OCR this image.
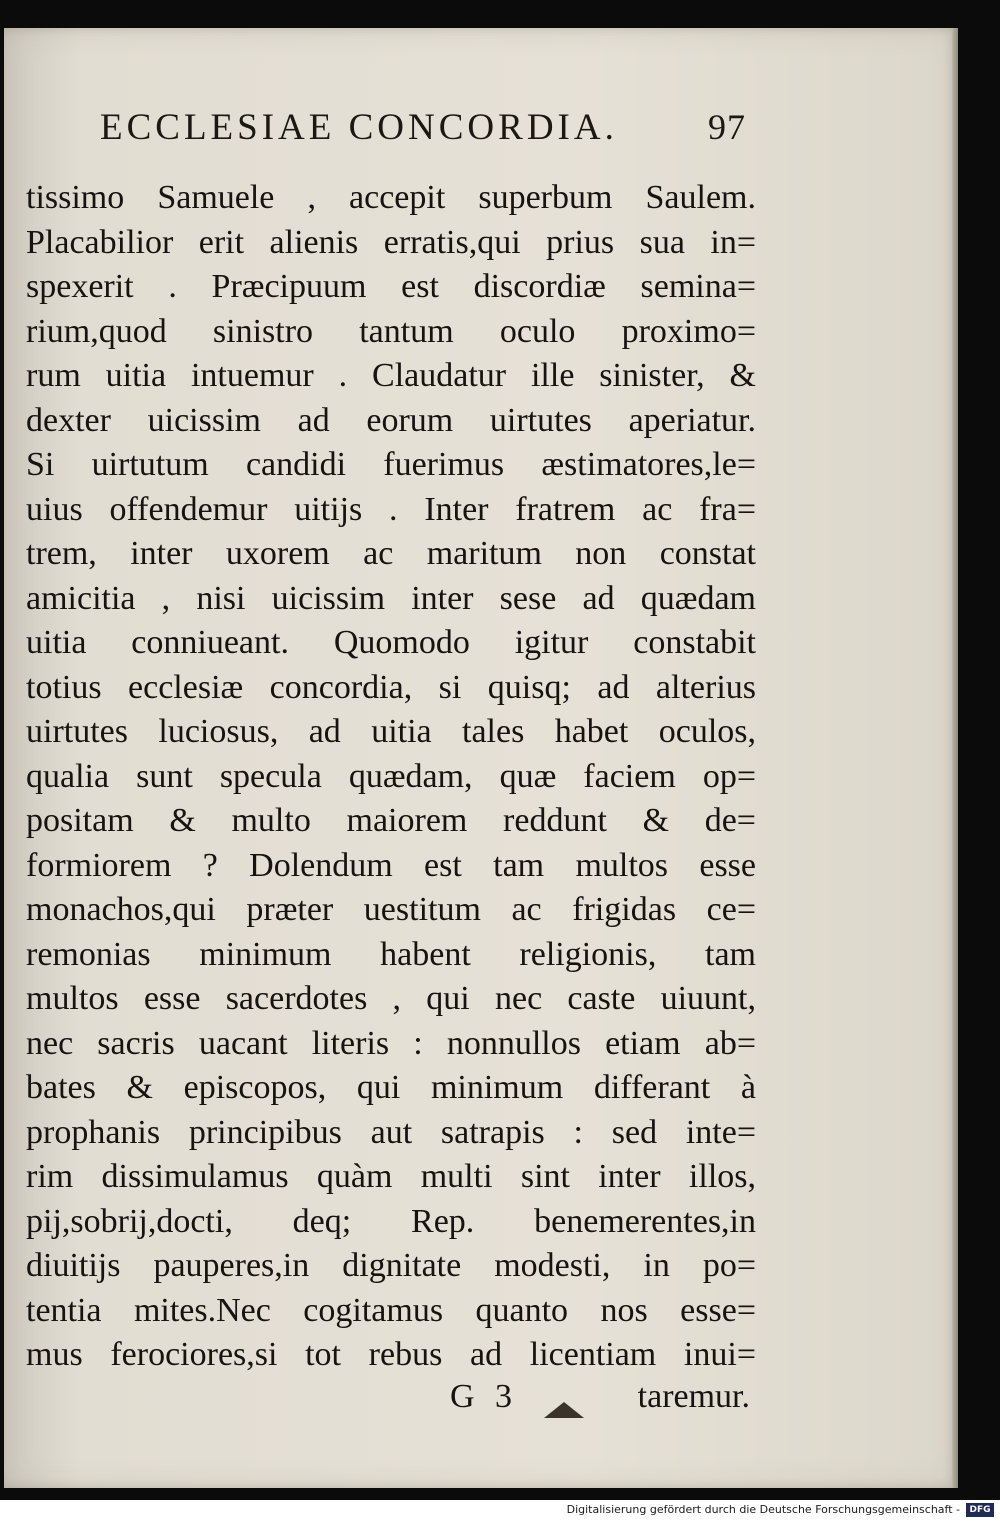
ECCLESIAE CONCORDIA.	97
tissimo Samuele , accepit superbum Saulem.
Placabilior erit alienis erratis,qui prius sua in=
spexerit . Præcipuum est discordiæ semina=
rium,quod sinistro tantum oculo proximo=
rum uitia intuemur . Claudatur ille sinister, &
dexter uicissim ad eorum uirtutes aperiatur.
Si uirtutum candidi fuerimus æstimatores,le=
uius offendemur uitijs . Inter fratrem ac fra=
trem, inter uxorem ac maritum non constat
amicitia , nisi uicissim inter sese ad quædam
uitia conniueant. Quomodo igitur constabit
totius ecclesiæ concordia, si quisq; ad alterius
uirtutes luciosus, ad uitia tales habet oculos,
qualia sunt specula quædam, quæ faciem op=
positam & multo maiorem reddunt & de=
formiorem ? Dolendum est tam multos esse
monachos,qui præter uestitum ac frigidas ce=
remonias minimum habent religionis, tam
multos esse sacerdotes , qui nec caste uiuunt,
nec sacris uacant literis : nonnullos etiam ab=
bates & episcopos, qui minimum differant à
prophanis principibus aut satrapis : sed inte=
rim dissimulamus quàm multi sint inter illos,
pij,sobrij,docti, deq; Rep. benemerentes,in
diuitijs pauperes,in dignitate modesti, in po=
tentia mites.Nec cogitamus quanto nos esse=
mus ferociores,si tot rebus ad licentiam inui=
G 3	taremur.
Digitalisierung gefördert durch die Deutsche Forschungsgemeinschaft -	DFG
